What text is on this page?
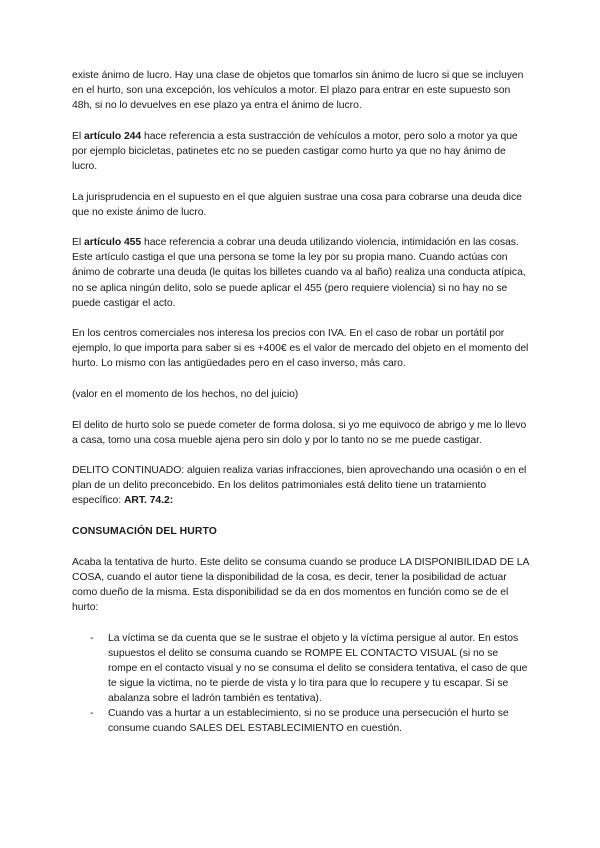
existe ánimo de lucro. Hay una clase de objetos que tomarlos sin ánimo de lucro si que se incluyen en el hurto, son una excepción, los vehículos a motor. El plazo para entrar en este supuesto son 48h, si no lo devuelves en ese plazo ya entra el ánimo de lucro.

El artículo 244 hace referencia a esta sustracción de vehículos a motor, pero solo a motor ya que por ejemplo bicicletas, patinetes etc no se pueden castigar como hurto ya que no hay ánimo de lucro.

La jurisprudencia en el supuesto en el que alguien sustrae una cosa para cobrarse una deuda dice que no existe ánimo de lucro.

El artículo 455 hace referencia a cobrar una deuda utilizando violencia, intimidación en las cosas. Este artículo castiga el que una persona se tome la ley por su propia mano. Cuando actúas con ánimo de cobrarte una deuda (le quitas los billetes cuando va al baño) realiza una conducta atípica, no se aplica ningún delito, solo se puede aplicar el 455 (pero requiere violencia) si no hay no se puede castigar el acto.

En los centros comerciales nos interesa los precios con IVA. En el caso de robar un portátil por ejemplo, lo que importa para saber si es +400€ es el valor de mercado del objeto en el momento del hurto. Lo mismo con las antigüedades pero en el caso inverso, más caro.

(valor en el momento de los hechos, no del juicio)

El delito de hurto solo se puede cometer de forma dolosa, si yo me equivoco de abrigo y me lo llevo a casa, tomo una cosa mueble ajena pero sin dolo y por lo tanto no se me puede castigar.

DELITO CONTINUADO: alguien realiza varias infracciones, bien aprovechando una ocasión o en el plan de un delito preconcebido. En los delitos patrimoniales está delito tiene un tratamiento específico: ART. 74.2:

CONSUMACIÓN DEL HURTO

Acaba la tentativa de hurto. Este delito se consuma cuando se produce LA DISPONIBILIDAD DE LA COSA, cuando el autor tiene la disponibilidad de la cosa, es decir, tener la posibilidad de actuar como dueño de la misma. Esta disponibilidad se da en dos momentos en función como se de el hurto:

- La víctima se da cuenta que se le sustrae el objeto y la víctima persigue al autor. En estos supuestos el delito se consuma cuando se ROMPE EL CONTACTO VISUAL (si no se rompe en el contacto visual y no se consuma el delito se considera tentativa, el caso de que te sigue la victima, no te pierde de vista y lo tira para que lo recupere y tu escapar. Si se abalanza sobre el ladrón también es tentativa).
- Cuando vas a hurtar a un establecimiento, si no se produce una persecución el hurto se consume cuando SALES DEL ESTABLECIMIENTO en cuestión.
